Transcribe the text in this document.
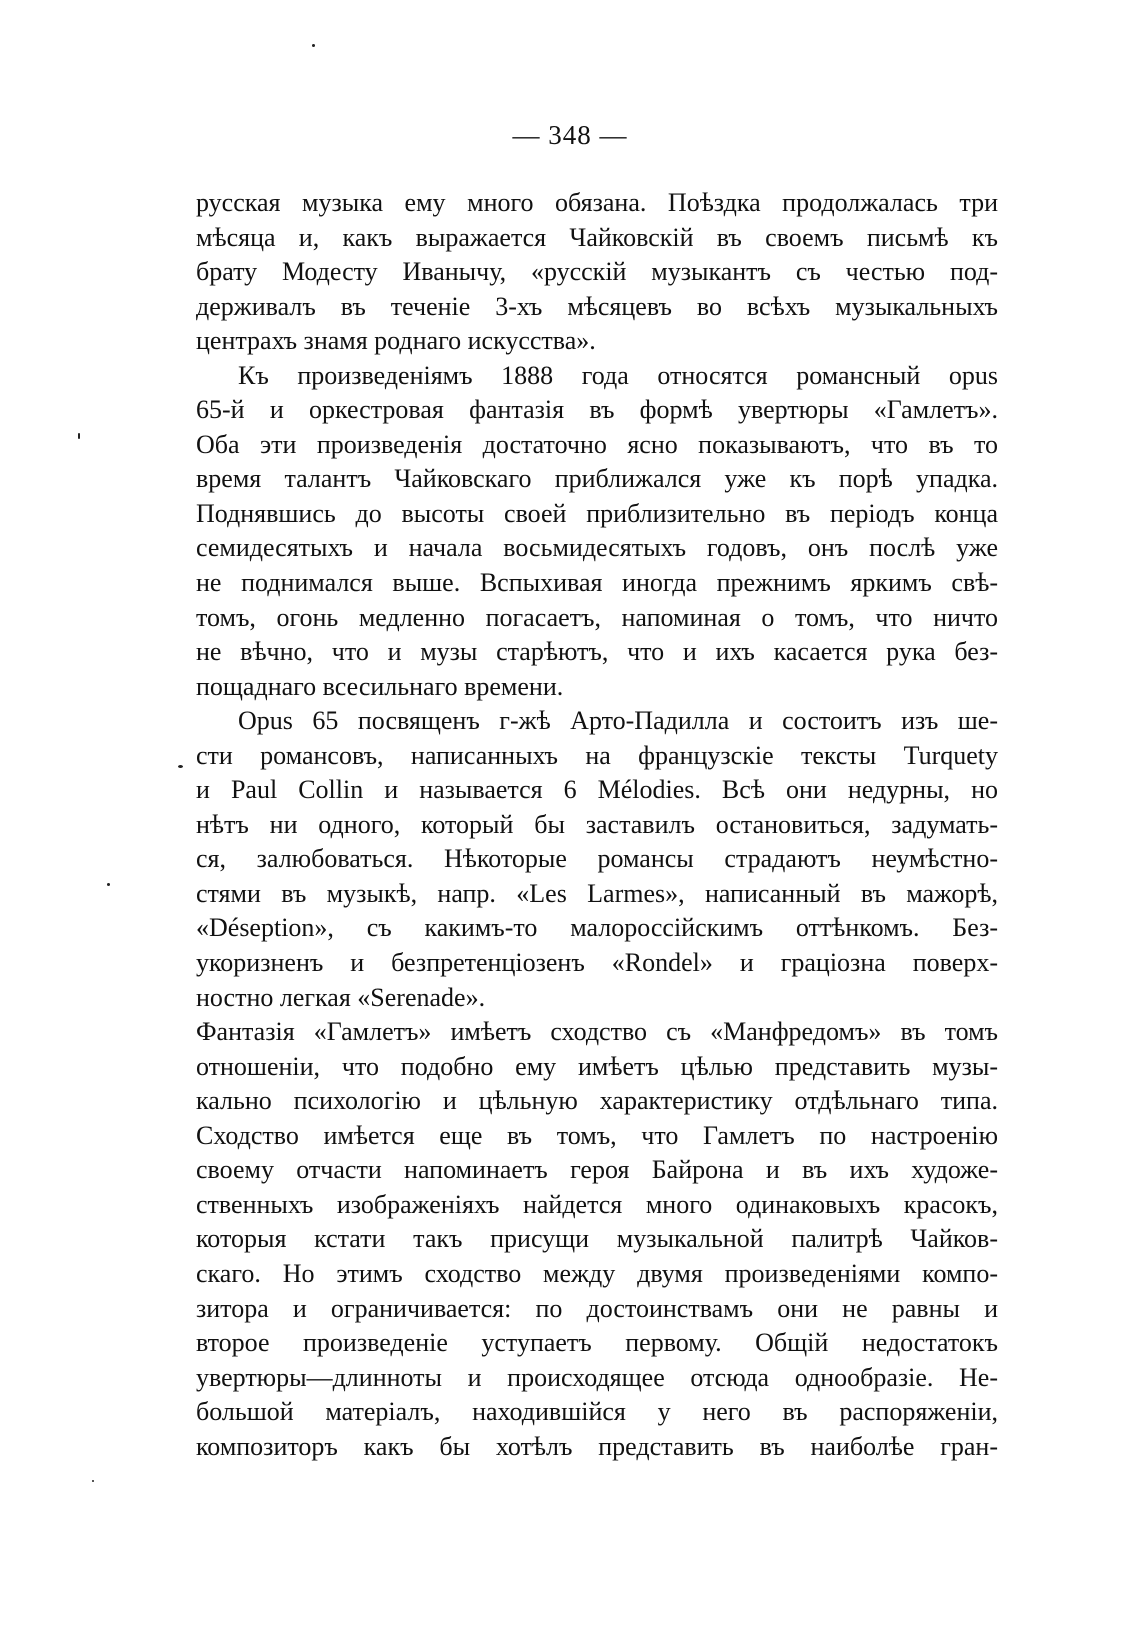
— 348 —
русская музыка ему много обязана. Поѣздка продолжалась три
мѣсяца и, какъ выражается Чайковскій въ своемъ письмѣ къ
брату Модесту Иванычу, «русскій музыкантъ съ честью под-
держивалъ въ теченіе 3-хъ мѣсяцевъ во всѣхъ музыкальныхъ
центрахъ знамя роднаго искусства».
Къ произведеніямъ 1888 года относятся романсный opus
65-й и оркестровая фантазія въ формѣ увертюры «Гамлетъ».
Оба эти произведенія достаточно ясно показываютъ, что въ то
время талантъ Чайковскаго приближался уже къ порѣ упадка.
Поднявшись до высоты своей приблизительно въ періодъ конца
семидесятыхъ и начала восьмидесятыхъ годовъ, онъ послѣ уже
не поднимался выше. Вспыхивая иногда прежнимъ яркимъ свѣ-
томъ, огонь медленно погасаетъ, напоминая о томъ, что ничто
не вѣчно, что и музы старѣютъ, что и ихъ касается рука без-
пощаднаго всесильнаго времени.
Opus 65 посвященъ г-жѣ Арто-Падилла и состоитъ изъ ше-
сти романсовъ, написанныхъ на французскіе тексты Turquety
и Paul Collin и называется 6 Mélodies. Всѣ они недурны, но
нѣтъ ни одного, который бы заставилъ остановиться, задумать-
ся, залюбоваться. Нѣкоторые романсы страдаютъ неумѣстно-
стями въ музыкѣ, напр. «Les Larmes», написанный въ мажорѣ,
«Déseption», съ какимъ-то малороссійскимъ оттѣнкомъ. Без-
укоризненъ и безпретенціозенъ «Rondel» и граціозна поверх-
ностно легкая «Serenade».
Фантазія «Гамлетъ» имѣетъ сходство съ «Манфредомъ» въ томъ
отношеніи, что подобно ему имѣетъ цѣлью представить музы-
кально психологію и цѣльную характеристику отдѣльнаго типа.
Сходство имѣется еще въ томъ, что Гамлетъ по настроенію
своему отчасти напоминаетъ героя Байрона и въ ихъ художе-
ственныхъ изображеніяхъ найдется много одинаковыхъ красокъ,
которыя кстати такъ присущи музыкальной палитрѣ Чайков-
скаго. Но этимъ сходство между двумя произведеніями компо-
зитора и ограничивается: по достоинствамъ они не равны и
второе произведеніе уступаетъ первому. Общій недостатокъ
увертюры—длинноты и происходящее отсюда однообразіе. Не-
большой матеріалъ, находившійся у него въ распоряженіи,
композиторъ какъ бы хотѣлъ представить въ наиболѣе гран-
